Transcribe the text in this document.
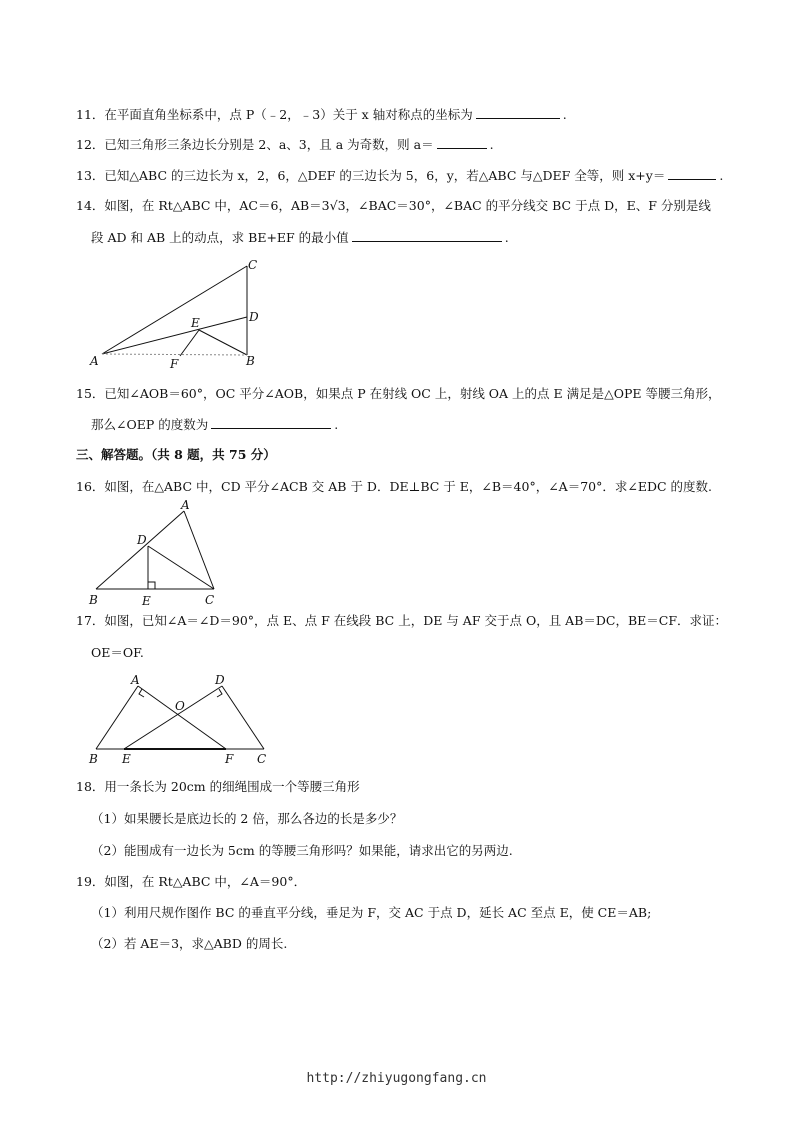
11．在平面直角坐标系中，点 P（﹣2，﹣3）关于 x 轴对称点的坐标为	.
12．已知三角形三条边长分别是 2、a、3，且 a 为奇数，则 a＝	.
13．已知△ABC 的三边长为 x，2，6，△DEF 的三边长为 5，6，y，若△ABC 与△DEF 全等，则 x+y＝	.
14．如图，在 Rt△ABC 中，AC＝6，AB＝3√3，∠BAC＝30°，∠BAC 的平分线交 BC 于点 D，E、F 分别是线
段 AD 和 AB 上的动点，求 BE+EF 的最小值	.
C
D
E
A	F	B
15．已知∠AOB＝60°，OC 平分∠AOB，如果点 P 在射线 OC 上，射线 OA 上的点 E 满足是△OPE 等腰三角形，
那么∠OEP 的度数为	.
三、解答题。（共 8 题，共 75 分）
16．如图，在△ABC 中，CD 平分∠ACB 交 AB 于 D．DE⊥BC 于 E，∠B＝40°，∠A＝70°．求∠EDC 的度数.
A
D
B	E	C
17．如图，已知∠A＝∠D＝90°，点 E、点 F 在线段 BC 上，DE 与 AF 交于点 O，且 AB＝DC，BE＝CF．求证：
OE＝OF.
A	D
O
B E	F C
18．用一条长为 20cm 的细绳围成一个等腰三角形
（1）如果腰长是底边长的 2 倍，那么各边的长是多少？
（2）能围成有一边长为 5cm 的等腰三角形吗？如果能，请求出它的另两边.
19．如图，在 Rt△ABC 中，∠A＝90°．
（1）利用尺规作图作 BC 的垂直平分线，垂足为 F，交 AC 于点 D，延长 AC 至点 E，使 CE＝AB;
（2）若 AE＝3，求△ABD 的周长.
http://zhiyugongfang.cn
